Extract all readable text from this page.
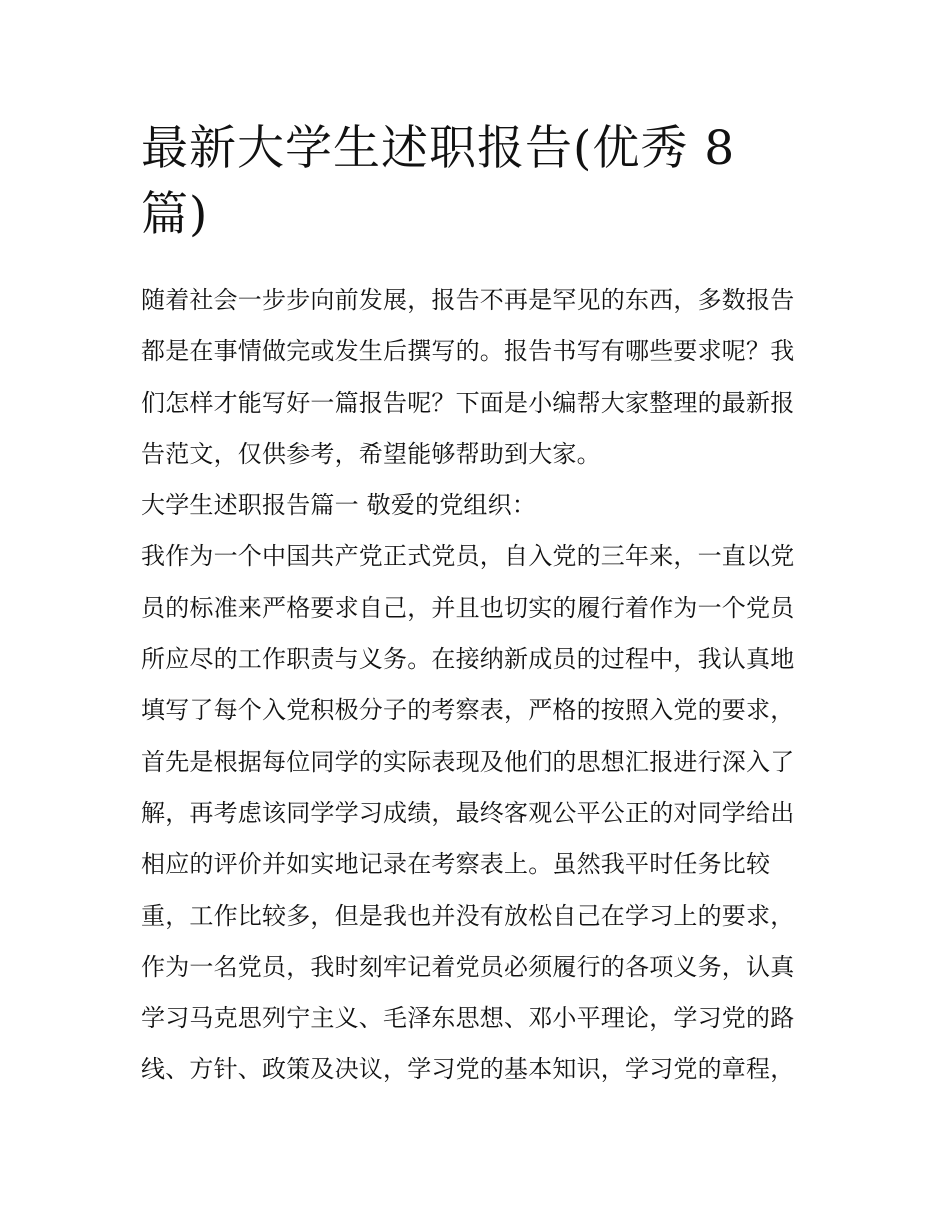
最新大学生述职报告(优秀 8
篇)
随着社会一步步向前发展，报告不再是罕见的东西，多数报告
都是在事情做完或发生后撰写的。报告书写有哪些要求呢？我
们怎样才能写好一篇报告呢？下面是小编帮大家整理的最新报
告范文，仅供参考，希望能够帮助到大家。
大学生述职报告篇一 敬爱的党组织：
我作为一个中国共产党正式党员，自入党的三年来，一直以党
员的标准来严格要求自己，并且也切实的履行着作为一个党员
所应尽的工作职责与义务。在接纳新成员的过程中，我认真地
填写了每个入党积极分子的考察表，严格的按照入党的要求，
首先是根据每位同学的实际表现及他们的思想汇报进行深入了
解，再考虑该同学学习成绩，最终客观公平公正的对同学给出
相应的评价并如实地记录在考察表上。虽然我平时任务比较
重，工作比较多，但是我也并没有放松自己在学习上的要求，
作为一名党员，我时刻牢记着党员必须履行的各项义务，认真
学习马克思列宁主义、毛泽东思想、邓小平理论，学习党的路
线、方针、政策及决议，学习党的基本知识，学习党的章程，
